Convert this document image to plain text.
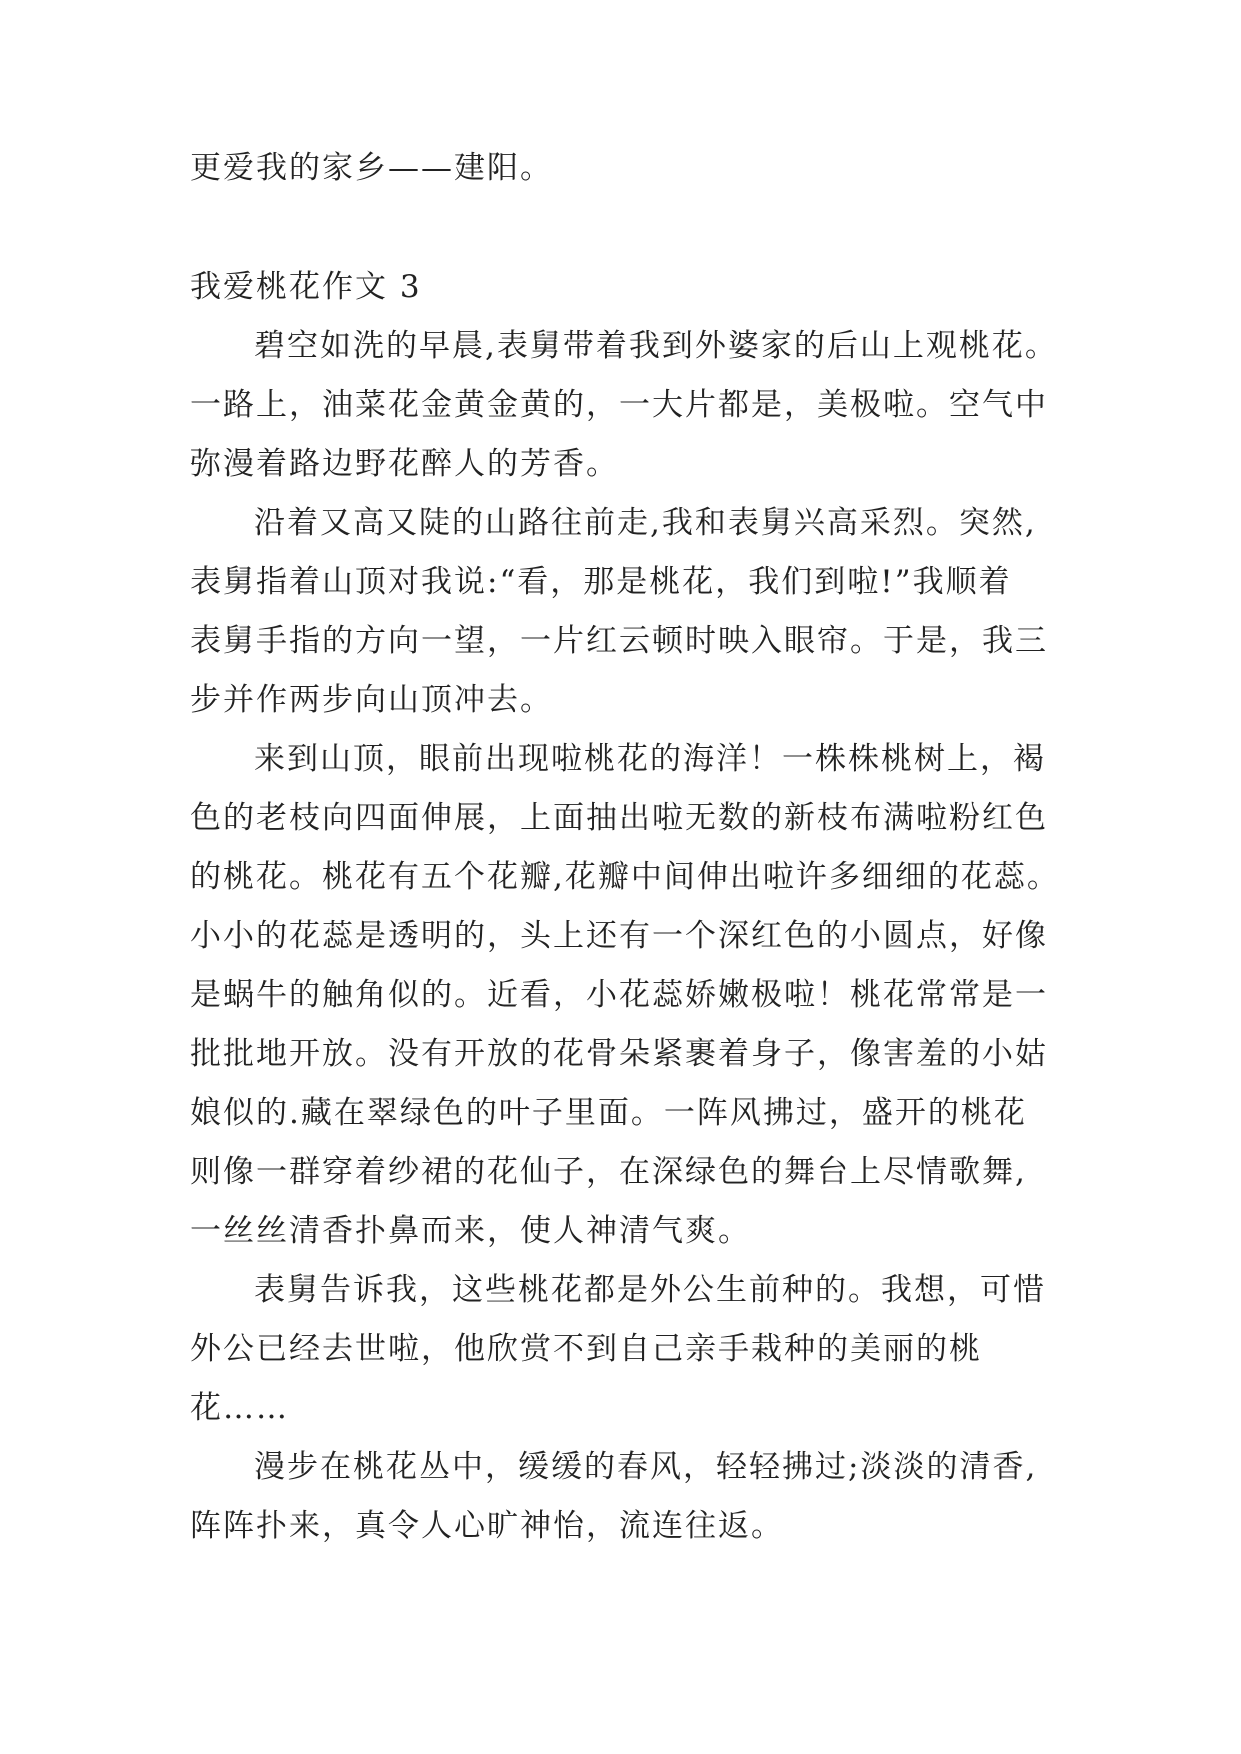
更爱我的家乡——建阳。
我爱桃花作文 3
碧空如洗的早晨,表舅带着我到外婆家的后山上观桃花。
一路上，油菜花金黄金黄的，一大片都是，美极啦。空气中
弥漫着路边野花醉人的芳香。
沿着又高又陡的山路往前走,我和表舅兴高采烈。突然,
表舅指着山顶对我说:“看，那是桃花，我们到啦!”我顺着
表舅手指的方向一望，一片红云顿时映入眼帘。于是，我三
步并作两步向山顶冲去。
来到山顶，眼前出现啦桃花的海洋！一株株桃树上，褐
色的老枝向四面伸展，上面抽出啦无数的新枝布满啦粉红色
的桃花。桃花有五个花瓣,花瓣中间伸出啦许多细细的花蕊。
小小的花蕊是透明的，头上还有一个深红色的小圆点，好像
是蜗牛的触角似的。近看，小花蕊娇嫩极啦！桃花常常是一
批批地开放。没有开放的花骨朵紧裹着身子，像害羞的小姑
娘似的.藏在翠绿色的叶子里面。一阵风拂过，盛开的桃花
则像一群穿着纱裙的花仙子，在深绿色的舞台上尽情歌舞,
一丝丝清香扑鼻而来，使人神清气爽。
表舅告诉我，这些桃花都是外公生前种的。我想，可惜
外公已经去世啦，他欣赏不到自己亲手栽种的美丽的桃
花……
漫步在桃花丛中，缓缓的春风，轻轻拂过;淡淡的清香,
阵阵扑来，真令人心旷神怡，流连往返。
